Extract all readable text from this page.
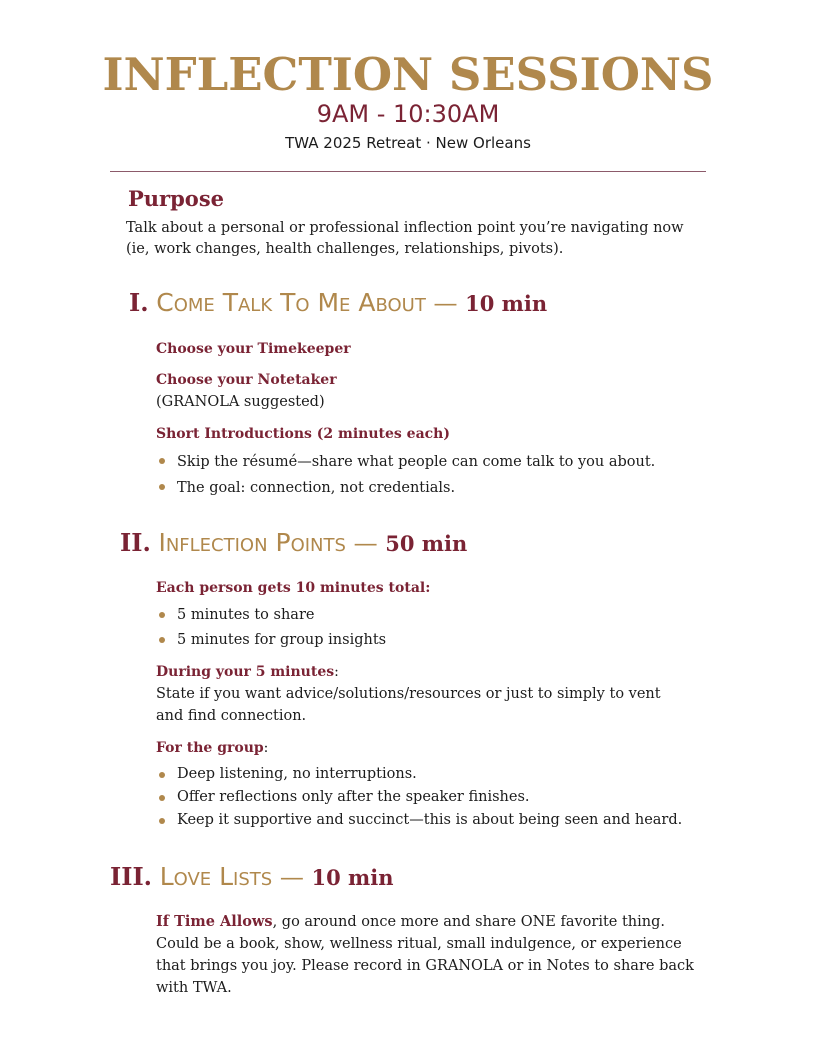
INFLECTION SESSIONS
9AM - 10:30AM
TWA 2025 Retreat · New Orleans
Purpose
Talk about a personal or professional inflection point you’re navigating now (ie, work changes, health challenges, relationships, pivots).
I. Come Talk To Me About — 10 min
Choose your Timekeeper
Choose your Notetaker
(GRANOLA suggested)
Short Introductions (2 minutes each)
Skip the résumé—share what people can come talk to you about.
The goal: connection, not credentials.
II. Inflection Points — 50 min
Each person gets 10 minutes total:
5 minutes to share
5 minutes for group insights
During your 5 minutes:
State if you want advice/solutions/resources or just to simply to vent and find connection.
For the group:
Deep listening, no interruptions.
Offer reflections only after the speaker finishes.
Keep it supportive and succinct—this is about being seen and heard.
III. Love Lists — 10 min
If Time Allows, go around once more and share ONE favorite thing. Could be a book, show, wellness ritual, small indulgence, or experience that brings you joy. Please record in GRANOLA or in Notes to share back with TWA.
